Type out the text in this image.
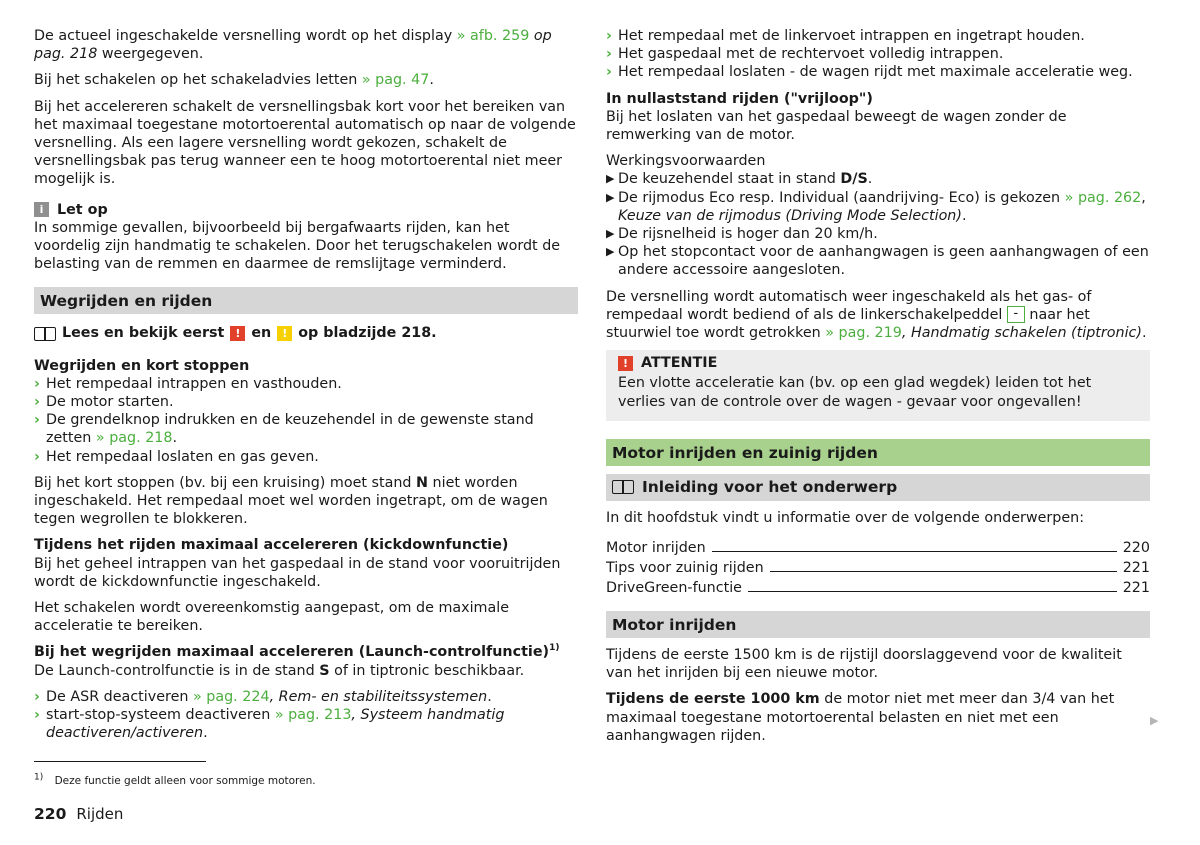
De actueel ingeschakelde versnelling wordt op het display » afb. 259 op pag. 218 weergegeven.

Bij het schakelen op het schakeladvies letten » pag. 47.

Bij het accelereren schakelt de versnellingsbak kort voor het bereiken van het maximaal toegestane motortoerental automatisch op naar de volgende versnelling. Als een lagere versnelling wordt gekozen, schakelt de versnellingsbak pas terug wanneer een te hoog motortoerental niet meer mogelijk is.

i Let op

In sommige gevallen, bijvoorbeeld bij bergafwaarts rijden, kan het voordelig zijn handmatig te schakelen. Door het terugschakelen wordt de belasting van de remmen en daarmee de remslijtage verminderd.

Wegrijden en rijden
Lees en bekijk eerst ! en ! op bladzijde 218.
Wegrijden en kort stoppen
› Het rempedaal intrappen en vasthouden.
› De motor starten.
› De grendelknop indrukken en de keuzehendel in de gewenste stand zetten » pag. 218.
› Het rempedaal loslaten en gas geven.

Bij het kort stoppen (bv. bij een kruising) moet stand N niet worden ingeschakeld. Het rempedaal moet wel worden ingetrapt, om de wagen tegen wegrollen te blokkeren.

Tijdens het rijden maximaal accelereren (kickdownfunctie)

Bij het geheel intrappen van het gaspedaal in de stand voor vooruitrijden wordt de kickdownfunctie ingeschakeld.

Het schakelen wordt overeenkomstig aangepast, om de maximale acceleratie te bereiken.

Bij het wegrijden maximaal accelereren (Launch-controlfunctie)$^{1)}$

De Launch-controlfunctie is in de stand S of in tiptronic beschikbaar.

› De ASR deactiveren » pag. 224, Rem- en stabiliteitssystemen.
› start-stop-systeem deactiveren » pag. 213, Systeem handmatig deactiveren/activeren.
› Het rempedaal met de linkervoet intrappen en ingetrapt houden.
› Het gaspedaal met de rechtervoet volledig intrappen.
› Het rempedaal loslaten - de wagen rijdt met maximale acceleratie weg.
In nullaststand rijden ("vrijloop")

Bij het loslaten van het gaspedaal beweegt de wagen zonder de remwerking van de motor.

Werkingsvoorwaarden
▶ De keuzehendel staat in stand D/S.
▶ De rijmodus Eco resp. Individual (aandrijving- Eco) is gekozen » pag. 262, Keuze van de rijmodus (Driving Mode Selection).
▶ De rijsnelheid is hoger dan 20 km/h.
▶ Op het stopcontact voor de aanhangwagen is geen aanhangwagen of een andere accessoire aangesloten.

De versnelling wordt automatisch weer ingeschakeld als het gas- of rempedaal wordt bediend of als de linkerschakelpeddel - naar het stuurwiel toe wordt getrokken » pag. 219, Handmatig schakelen (tiptronic).

! ATTENTIE
Een vlotte acceleratie kan (bv. op een glad wegdek) leiden tot het verlies van de controle over de wagen - gevaar voor ongevallen!
Motor inrijden en zuinig rijden
Inleiding voor het onderwerp

In dit hoofdstuk vindt u informatie over de volgende onderwerpen:

Motor inrijden	220
Tips voor zuinig rijden	221
DriveGreen-functie	221
Motor inrijden

Tijdens de eerste 1500 km is de rijstijl doorslaggevend voor de kwaliteit van het inrijden bij een nieuwe motor.

Tijdens de eerste 1000 km de motor niet met meer dan 3/4 van het maximaal toegestane motortoerental belasten en niet met een aanhangwagen rijden.

▶
$^{1)}$ Deze functie geldt alleen voor sommige motoren.
220 Rijden
